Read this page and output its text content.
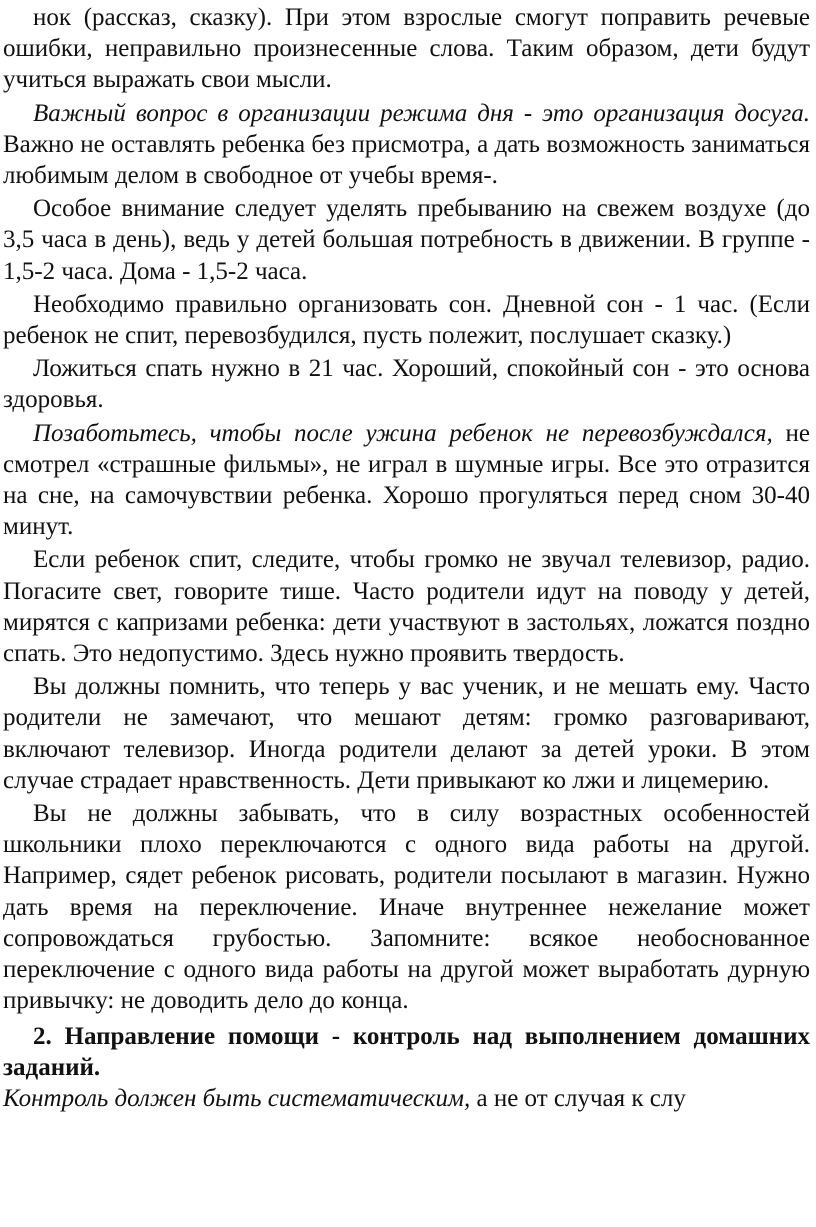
нок (рассказ, сказку). При этом взрослые смогут поправить речевые ошибки, неправильно произнесенные слова. Таким образом, дети будут учиться выражать свои мысли.

Важный вопрос в организации режима дня - это организация досуга. Важно не оставлять ребенка без присмотра, а дать возможность заниматься любимым делом в свободное от учебы время-.

Особое внимание следует уделять пребыванию на свежем воздухе (до 3,5 часа в день), ведь у детей большая потребность в движении. В группе - 1,5-2 часа. Дома - 1,5-2 часа.

Необходимо правильно организовать сон. Дневной сон - 1 час. (Если ребенок не спит, перевозбудился, пусть полежит, послушает сказку.)

Ложиться спать нужно в 21 час. Хороший, спокойный сон - это основа здоровья.

Позаботьтесь, чтобы после ужина ребенок не перевозбуждался, не смотрел «страшные фильмы», не играл в шумные игры. Все это отразится на сне, на самочувствии ребенка. Хорошо прогуляться перед сном 30-40 минут.

Если ребенок спит, следите, чтобы громко не звучал телевизор, радио. Погасите свет, говорите тише. Часто родители идут на поводу у детей, мирятся с капризами ребенка: дети участвуют в застольях, ложатся поздно спать. Это недопустимо. Здесь нужно проявить твердость.

Вы должны помнить, что теперь у вас ученик, и не мешать ему. Часто родители не замечают, что мешают детям: громко разговаривают, включают телевизор. Иногда родители делают за детей уроки. В этом случае страдает нравственность. Дети привыкают ко лжи и лицемерию.

Вы не должны забывать, что в силу возрастных особенностей школьники плохо переключаются с одного вида работы на другой. Например, сядет ребенок рисовать, родители посылают в магазин. Нужно дать время на переключение. Иначе внутреннее нежелание может сопровождаться грубостью. Запомните: всякое необоснованное переключение с одного вида работы на другой может выработать дурную привычку: не доводить дело до конца.

2. Направление помощи - контроль над выполнением домашних заданий.

Контроль должен быть систематическим, а не от случая к слу
